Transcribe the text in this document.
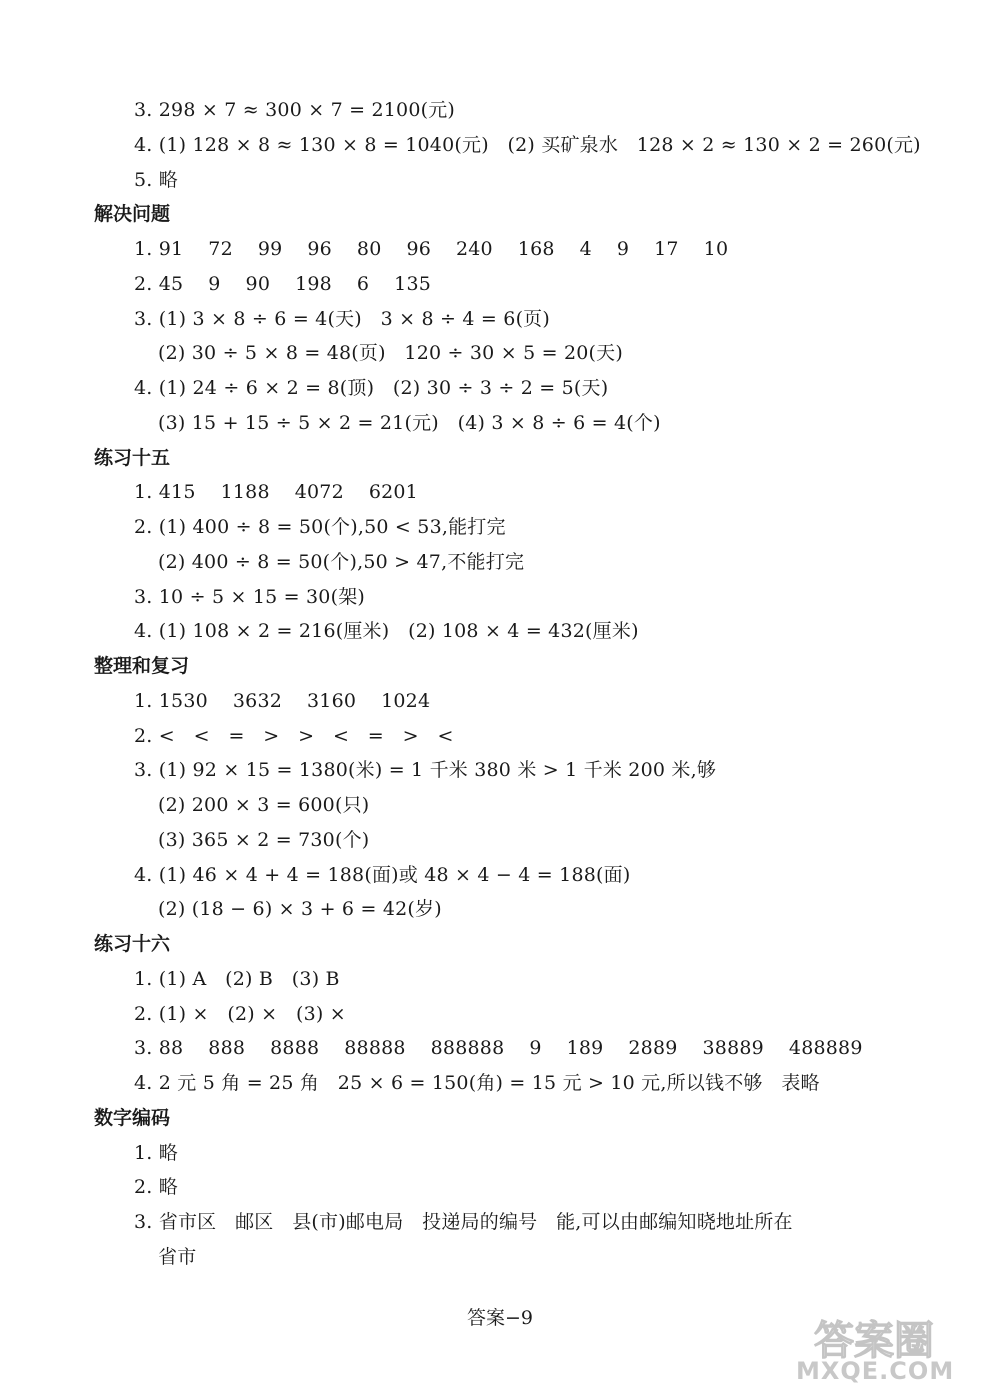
3. 298 × 7 ≈ 300 × 7 = 2100(元)
4. (1) 128 × 8 ≈ 130 × 8 = 1040(元)   (2) 买矿泉水   128 × 2 ≈ 130 × 2 = 260(元)
5. 略
解决问题
1. 91    72    99    96    80    96    240    168    4    9    17    10
2. 45    9    90    198    6    135
3. (1) 3 × 8 ÷ 6 = 4(天)   3 × 8 ÷ 4 = 6(页)
(2) 30 ÷ 5 × 8 = 48(页)   120 ÷ 30 × 5 = 20(天)
4. (1) 24 ÷ 6 × 2 = 8(顶)   (2) 30 ÷ 3 ÷ 2 = 5(天)
(3) 15 + 15 ÷ 5 × 2 = 21(元)   (4) 3 × 8 ÷ 6 = 4(个)
练习十五
1. 415    1188    4072    6201
2. (1) 400 ÷ 8 = 50(个),50 < 53,能打完
(2) 400 ÷ 8 = 50(个),50 > 47,不能打完
3. 10 ÷ 5 × 15 = 30(架)
4. (1) 108 × 2 = 216(厘米)   (2) 108 × 4 = 432(厘米)
整理和复习
1. 1530    3632    3160    1024
2. <   <   =   >   >   <   =   >   <
3. (1) 92 × 15 = 1380(米) = 1 千米 380 米 > 1 千米 200 米,够
(2) 200 × 3 = 600(只)
(3) 365 × 2 = 730(个)
4. (1) 46 × 4 + 4 = 188(面)或 48 × 4 − 4 = 188(面)
(2) (18 − 6) × 3 + 6 = 42(岁)
练习十六
1. (1) A   (2) B   (3) B
2. (1) ×   (2) ×   (3) ×
3. 88    888    8888    88888    888888    9    189    2889    38889    488889
4. 2 元 5 角 = 25 角   25 × 6 = 150(角) = 15 元 > 10 元,所以钱不够   表略
数字编码
1. 略
2. 略
3. 省市区   邮区   县(市)邮电局   投递局的编号   能,可以由邮编知晓地址所在
省市
答案−9	答案圈
MXQE.COM
